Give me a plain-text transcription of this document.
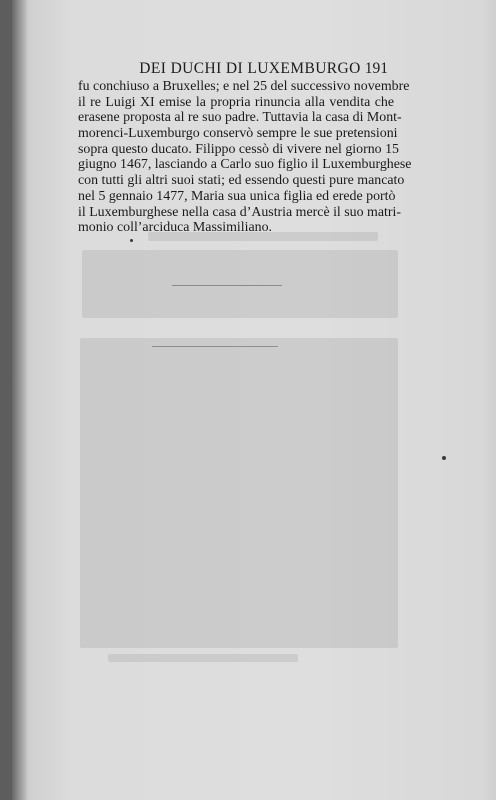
DEI DUCHI DI LUXEMBURGO 191
fu conchiuso a Bruxelles; e nel 25 del successivo novembre
il re Luigi XI emise la propria rinuncia alla vendita che
erasene proposta al re suo padre. Tuttavia la casa di Mont-
morenci-Luxemburgo conservò sempre le sue pretensioni
sopra questo ducato. Filippo cessò di vivere nel giorno 15
giugno 1467, lasciando a Carlo suo figlio il Luxemburghese
con tutti gli altri suoi stati; ed essendo questi pure mancato
nel 5 gennaio 1477, Maria sua unica figlia ed erede portò
il Luxemburghese nella casa d’Austria mercè il suo matri-
monio coll’arciduca Massimiliano.
